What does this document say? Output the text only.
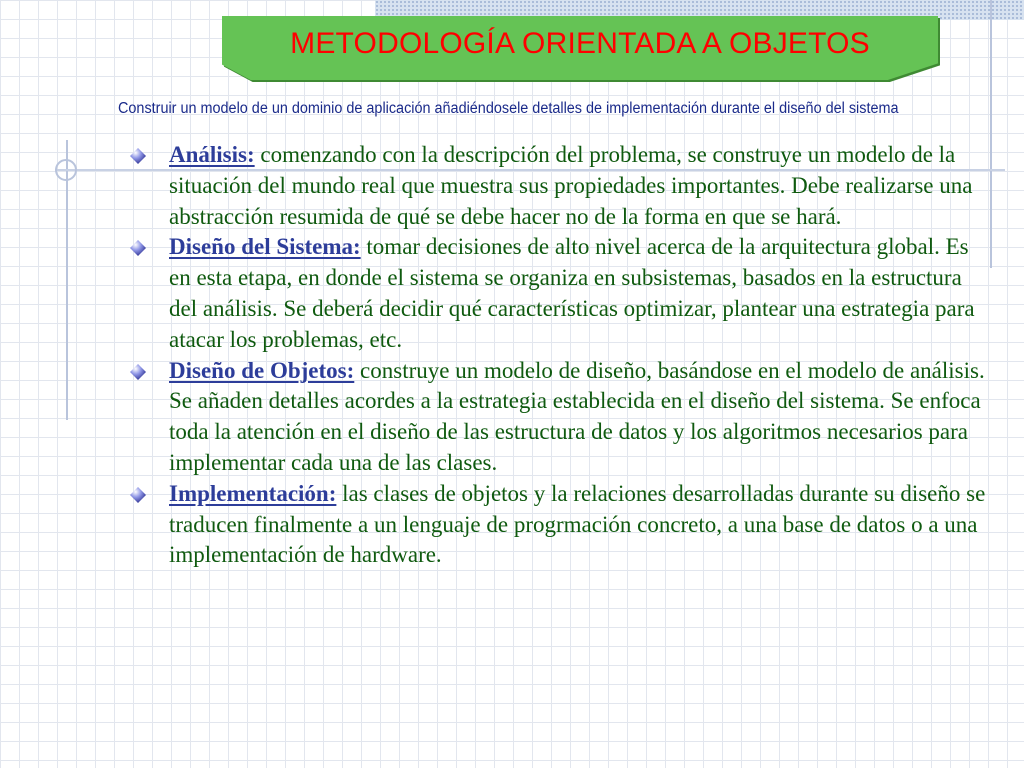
METODOLOGÍA ORIENTADA A OBJETOS
Construir un modelo de un dominio de aplicación añadiéndosele detalles de implementación durante el diseño del sistema
Análisis: comenzando con la descripción del problema, se construye un modelo de la situación del mundo real que muestra sus propiedades importantes. Debe realizarse una abstracción resumida de qué se debe hacer no de la forma en que se hará.
Diseño del Sistema: tomar decisiones de alto nivel acerca de la arquitectura global. Es en esta etapa, en donde el sistema se organiza en subsistemas, basados en la estructura del análisis. Se deberá decidir qué características optimizar, plantear una estrategia para atacar los problemas, etc.
Diseño de Objetos: construye un modelo de diseño, basándose en el modelo de análisis. Se añaden detalles acordes a la estrategia establecida en el diseño del sistema. Se enfoca toda la atención en el diseño de las estructura de datos y los algoritmos necesarios para implementar cada una de las clases.
Implementación: las clases de objetos y la relaciones desarrolladas durante su diseño se traducen finalmente a un lenguaje de progrmación concreto, a una base de datos o a una implementación de hardware.
